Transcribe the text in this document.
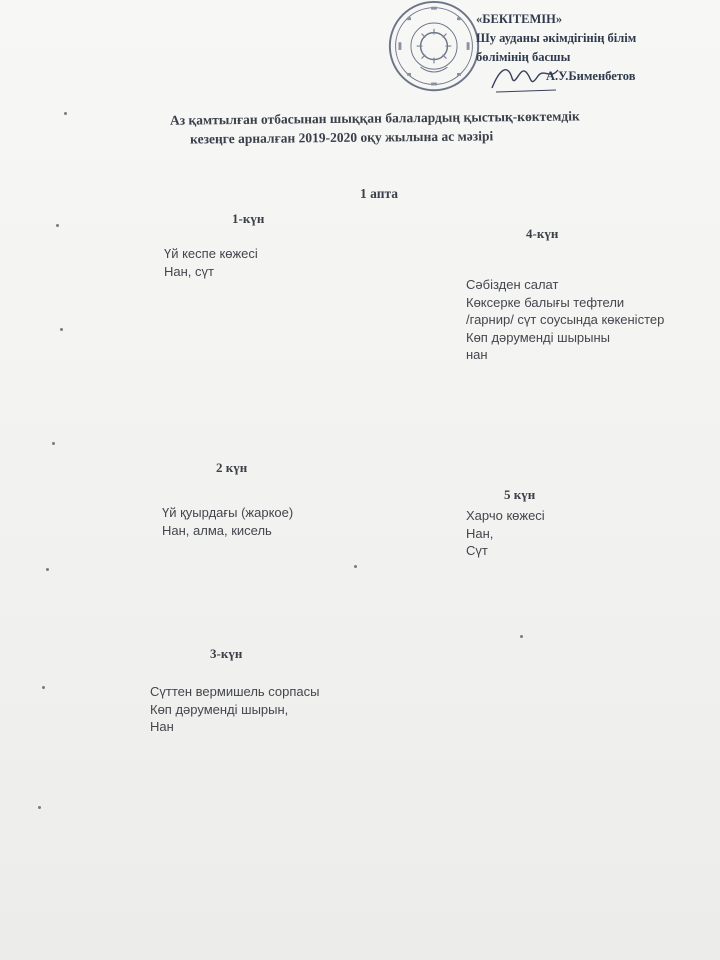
«БЕКІТЕМІН»
Шу ауданы әкімдігінің білім
бөлімінің басшы
А.У.Бименбетов
Аз қамтылған отбасынан шыққан балалардың қыстық-көктемдік
кезеңге арналған 2019-2020 оқу жылына ас мәзірі
1 апта
1-күн
Үй кеспе көжесі
Нан, сүт
4-күн
Сәбізден салат
Көксерке балығы тефтели
/гарнир/ сүт соусында көкеністер
Көп дәруменді шырыны
нан
2 күн
Үй қуырдағы (жаркое)
Нан, алма, кисель
5 күн
Харчо көжесі
Нан,
Сүт
3-күн
Сүттен вермишель сорпасы
Көп дәруменді шырын,
Нан
